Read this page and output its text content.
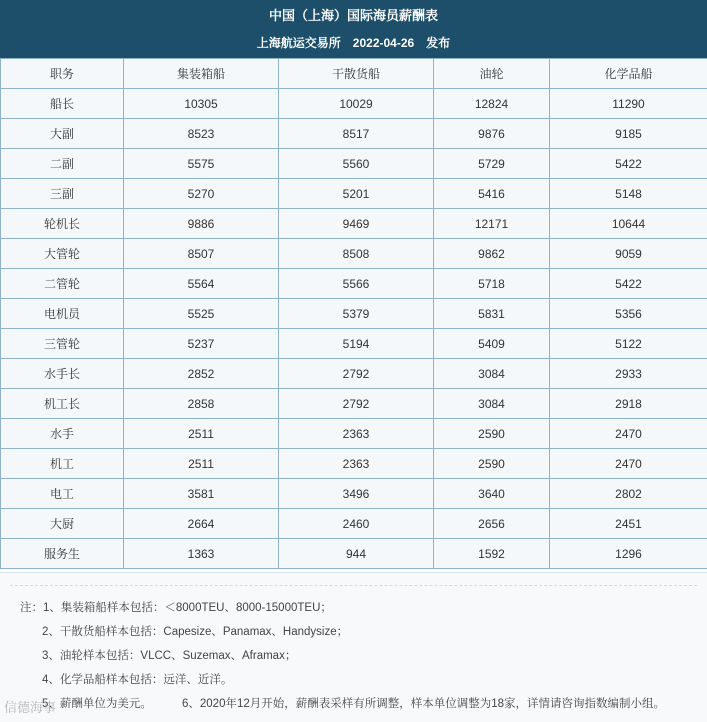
中国（上海）国际海员薪酬表
上海航运交易所　2022-04-26　发布
职务	集装箱船	干散货船	油轮	化学品船
船长	10305	10029	12824	11290
大副	8523	8517	9876	9185
二副	5575	5560	5729	5422
三副	5270	5201	5416	5148
轮机长	9886	9469	12171	10644
大管轮	8507	8508	9862	9059
二管轮	5564	5566	5718	5422
电机员	5525	5379	5831	5356
三管轮	5237	5194	5409	5122
水手长	2852	2792	3084	2933
机工长	2858	2792	3084	2918
水手	2511	2363	2590	2470
机工	2511	2363	2590	2470
电工	3581	3496	3640	2802
大厨	2664	2460	2656	2451
服务生	1363	944	1592	1296
注：1、集装箱船样本包括：＜8000TEU、8000-15000TEU；
2、干散货船样本包括：Capesize、Panamax、Handysize；
3、油轮样本包括：VLCC、Suzemax、Aframax；
4、化学品船样本包括：远洋、近洋。
5、薪酬单位为美元。	6、2020年12月开始，薪酬表采样有所调整，样本单位调整为18家，详情请咨询指数编制小组。
信德海事
